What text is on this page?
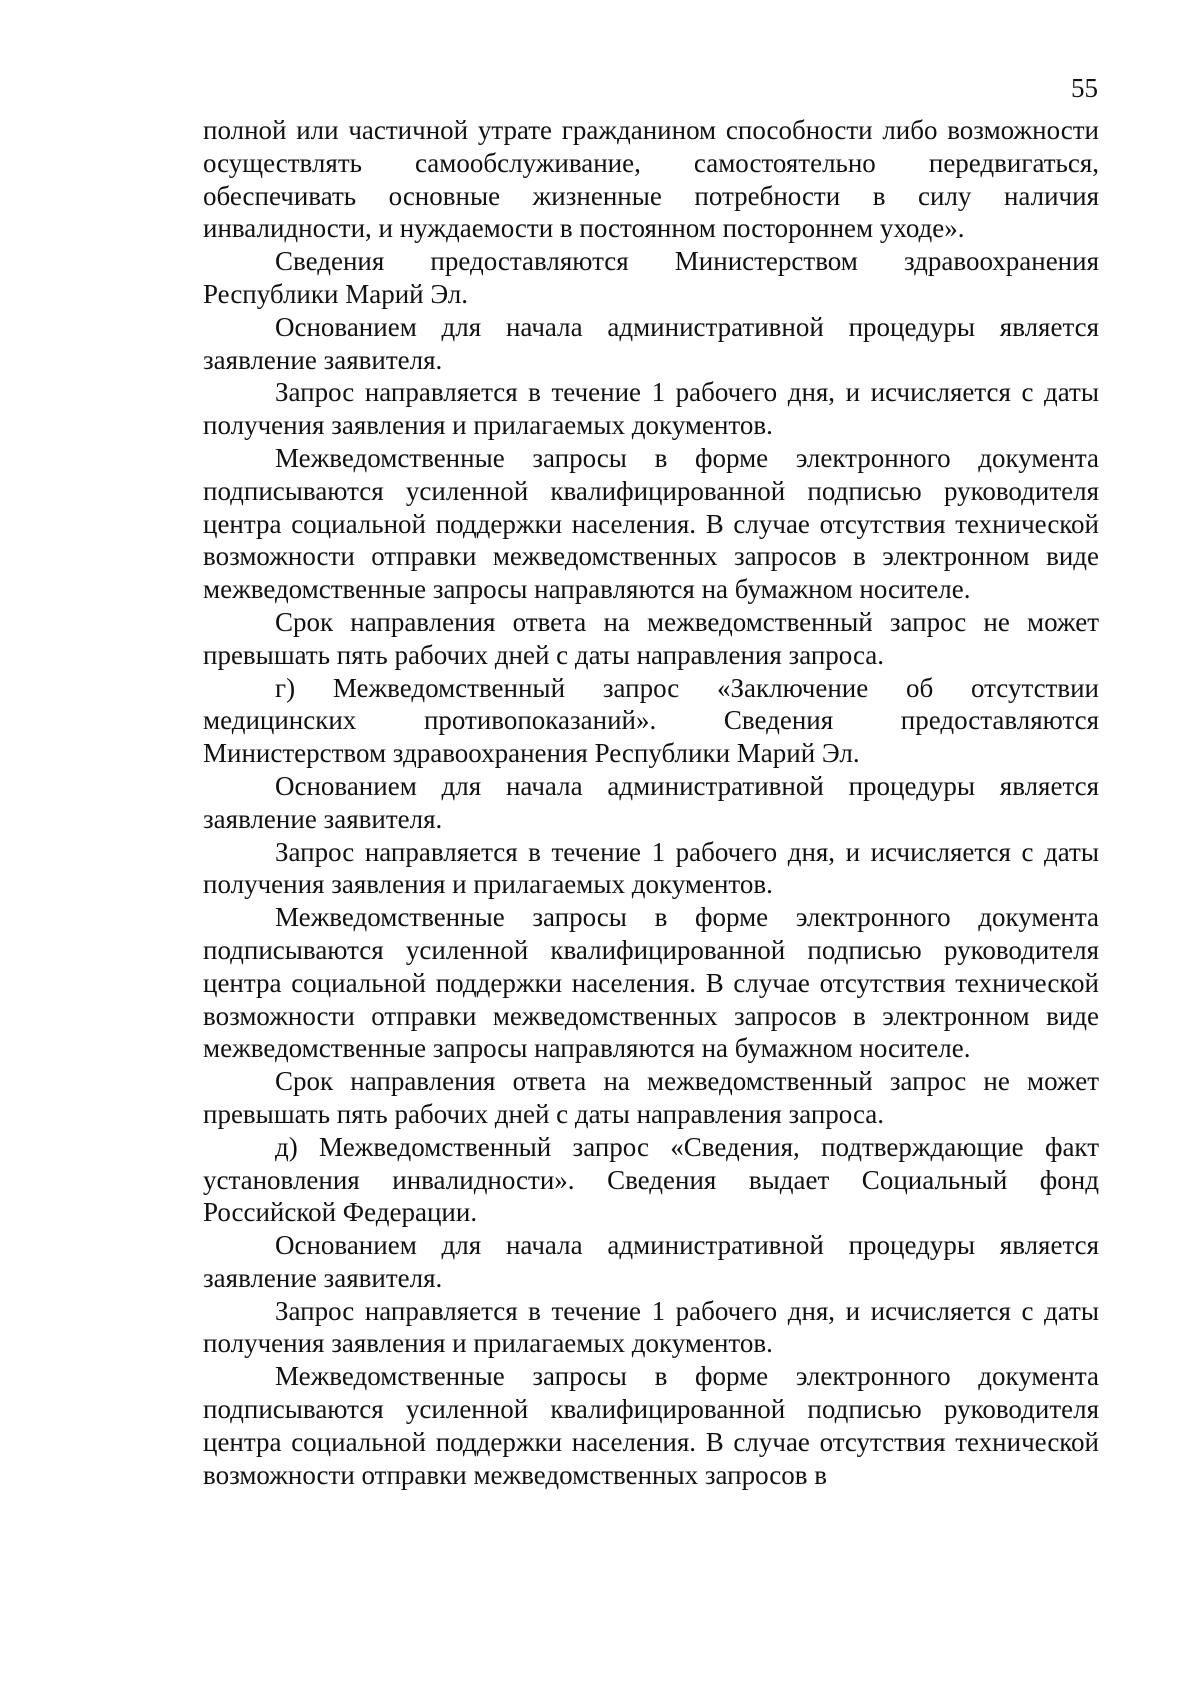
55

полной или частичной утрате гражданином способности либо возможности осуществлять самообслуживание, самостоятельно передвигаться, обеспечивать основные жизненные потребности в силу наличия инвалидности, и нуждаемости в постоянном постороннем уходе».

Сведения предоставляются Министерством здравоохранения Республики Марий Эл.

Основанием для начала административной процедуры является заявление заявителя.

Запрос направляется в течение 1 рабочего дня, и исчисляется с даты получения заявления и прилагаемых документов.

Межведомственные запросы в форме электронного документа подписываются усиленной квалифицированной подписью руководителя центра социальной поддержки населения. В случае отсутствия технической возможности отправки межведомственных запросов в электронном виде межведомственные запросы направляются на бумажном носителе.

Срок направления ответа на межведомственный запрос не может превышать пять рабочих дней с даты направления запроса.

г) Межведомственный запрос «Заключение об отсутствии медицинских противопоказаний». Сведения предоставляются Министерством здравоохранения Республики Марий Эл.

Основанием для начала административной процедуры является заявление заявителя.

Запрос направляется в течение 1 рабочего дня, и исчисляется с даты получения заявления и прилагаемых документов.

Межведомственные запросы в форме электронного документа подписываются усиленной квалифицированной подписью руководителя центра социальной поддержки населения. В случае отсутствия технической возможности отправки межведомственных запросов в электронном виде межведомственные запросы направляются на бумажном носителе.

Срок направления ответа на межведомственный запрос не может превышать пять рабочих дней с даты направления запроса.

д) Межведомственный запрос «Сведения, подтверждающие факт установления инвалидности». Сведения выдает Социальный фонд Российской Федерации.

Основанием для начала административной процедуры является заявление заявителя.

Запрос направляется в течение 1 рабочего дня, и исчисляется с даты получения заявления и прилагаемых документов.

Межведомственные запросы в форме электронного документа подписываются усиленной квалифицированной подписью руководителя центра социальной поддержки населения. В случае отсутствия технической возможности отправки межведомственных запросов в
